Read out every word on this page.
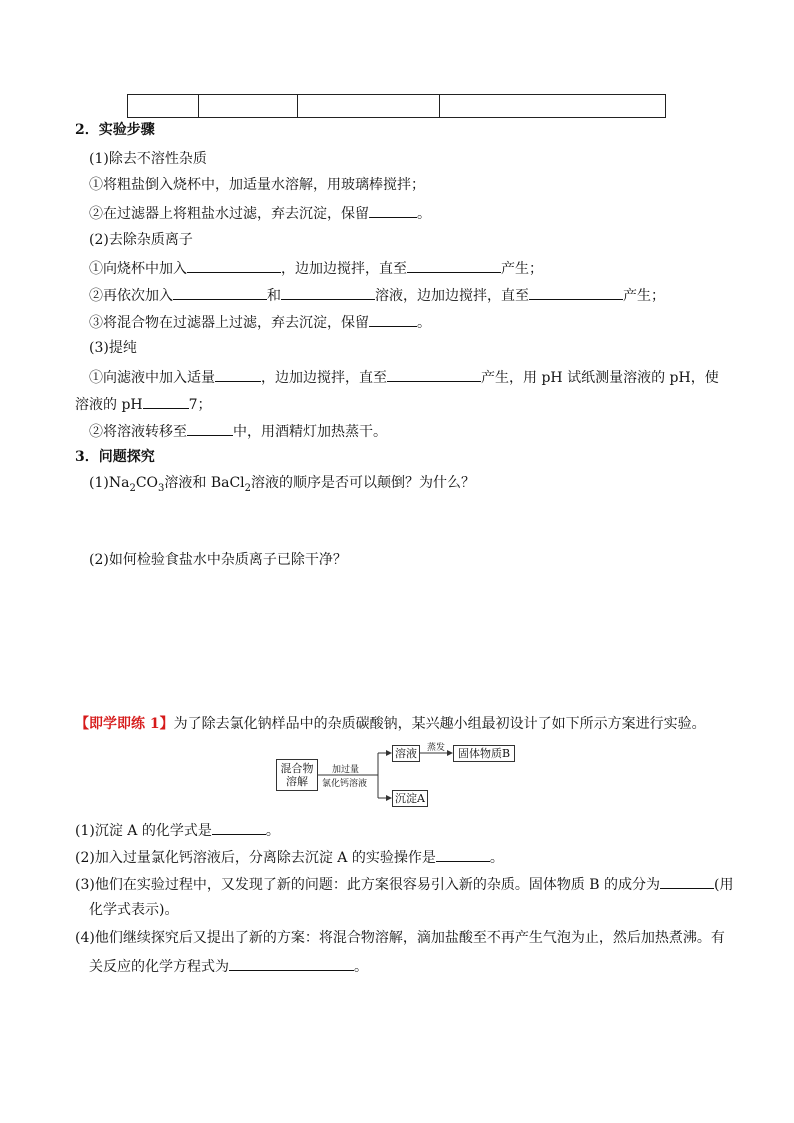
2．实验步骤
(1)除去不溶性杂质
①将粗盐倒入烧杯中，加适量水溶解，用玻璃棒搅拌；
②在过滤器上将粗盐水过滤，弃去沉淀，保留	。
(2)去除杂质离子
①向烧杯中加入	，边加边搅拌，直至	产生；
②再依次加入	和	溶液，边加边搅拌，直至	产生；
③将混合物在过滤器上过滤，弃去沉淀，保留	。
(3)提纯
①向滤液中加入适量	，边加边搅拌，直至	产生，用 pH 试纸测量溶液的 pH，使
溶液的 pH	7；
②将溶液转移至	中，用酒精灯加热蒸干。
3．问题探究
$(1)Na_2CO_3$溶液和 BaCl$_2$溶液的顺序是否可以颠倒？为什么？
(2)如何检验食盐水中杂质离子已除干净？
【即学即练 1】为了除去氯化钠样品中的杂质碳酸钠，某兴趣小组最初设计了如下所示方案进行实验。
混合物
溶解
加过量
氯化钙溶液
溶液	蒸发	固体物质B
沉淀A
(1)沉淀 A 的化学式是	。
(2)加入过量氯化钙溶液后，分离除去沉淀 A 的实验操作是	。
(3)他们在实验过程中，又发现了新的问题：此方案很容易引入新的杂质。固体物质 B 的成分为	(用
化学式表示)。
(4)他们继续探究后又提出了新的方案：将混合物溶解，滴加盐酸至不再产生气泡为止，然后加热煮沸。有
关反应的化学方程式为	。
